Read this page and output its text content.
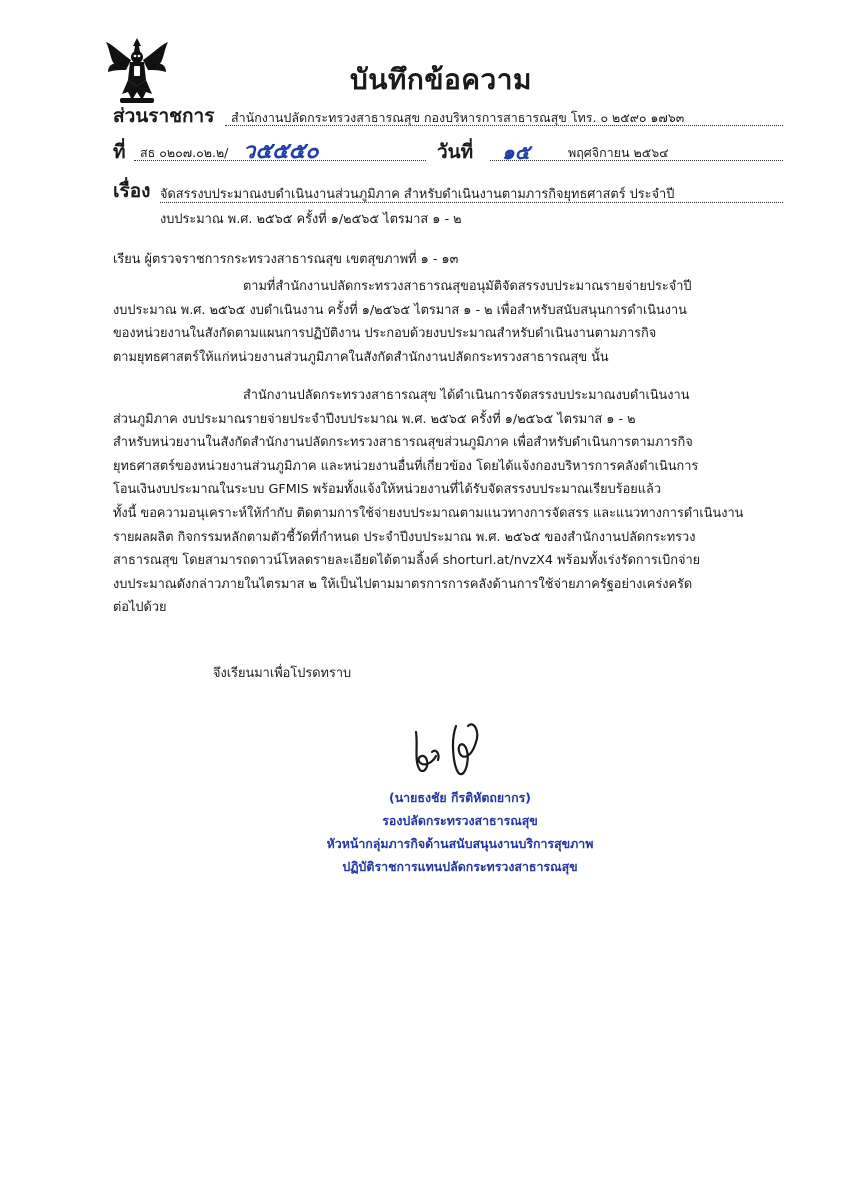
บันทึกข้อความ
ส่วนราชการ สำนักงานปลัดกระทรวงสาธารณสุข กองบริหารการสาธารณสุข โทร. ๐ ๒๕๙๐ ๑๗๖๓
ที่ สธ ๐๒๐๗.๐๒.๒/ ว๕๕๕๐	วันที่ ๑๕	พฤศจิกายน ๒๕๖๔
เรื่อง จัดสรรงบประมาณงบดำเนินงานส่วนภูมิภาค สำหรับดำเนินงานตามภารกิจยุทธศาสตร์ ประจำปี
งบประมาณ พ.ศ. ๒๕๖๕ ครั้งที่ ๑/๒๕๖๕ ไตรมาส ๑ - ๒
เรียน ผู้ตรวจราชการกระทรวงสาธารณสุข เขตสุขภาพที่ ๑ - ๑๓
ตามที่สำนักงานปลัดกระทรวงสาธารณสุขอนุมัติจัดสรรงบประมาณรายจ่ายประจำปี
งบประมาณ พ.ศ. ๒๕๖๕ งบดำเนินงาน ครั้งที่ ๑/๒๕๖๕ ไตรมาส ๑ - ๒ เพื่อสำหรับสนับสนุนการดำเนินงาน
ของหน่วยงานในสังกัดตามแผนการปฏิบัติงาน ประกอบด้วยงบประมาณสำหรับดำเนินงานตามภารกิจ
ตามยุทธศาสตร์ให้แก่หน่วยงานส่วนภูมิภาคในสังกัดสำนักงานปลัดกระทรวงสาธารณสุข นั้น
สำนักงานปลัดกระทรวงสาธารณสุข ได้ดำเนินการจัดสรรงบประมาณงบดำเนินงาน
ส่วนภูมิภาค งบประมาณรายจ่ายประจำปีงบประมาณ พ.ศ. ๒๕๖๕ ครั้งที่ ๑/๒๕๖๕ ไตรมาส ๑ - ๒
สำหรับหน่วยงานในสังกัดสำนักงานปลัดกระทรวงสาธารณสุขส่วนภูมิภาค เพื่อสำหรับดำเนินการตามภารกิจ
ยุทธศาสตร์ของหน่วยงานส่วนภูมิภาค และหน่วยงานอื่นที่เกี่ยวข้อง โดยได้แจ้งกองบริหารการคลังดำเนินการ
โอนเงินงบประมาณในระบบ GFMIS พร้อมทั้งแจ้งให้หน่วยงานที่ได้รับจัดสรรงบประมาณเรียบร้อยแล้ว
ทั้งนี้ ขอความอนุเคราะห์ให้กำกับ ติดตามการใช้จ่ายงบประมาณตามแนวทางการจัดสรร และแนวทางการดำเนินงาน
รายผลผลิต กิจกรรมหลักตามตัวชี้วัดที่กำหนด ประจำปีงบประมาณ พ.ศ. ๒๕๖๕ ของสำนักงานปลัดกระทรวง
สาธารณสุข โดยสามารถดาวน์โหลดรายละเอียดได้ตามลิ้งค์ shorturl.at/nvzX4 พร้อมทั้งเร่งรัดการเบิกจ่าย
งบประมาณดังกล่าวภายในไตรมาส ๒ ให้เป็นไปตามมาตรการการคลังด้านการใช้จ่ายภาครัฐอย่างเคร่งครัด
ต่อไปด้วย
จึงเรียนมาเพื่อโปรดทราบ
(นายธงชัย กีรติหัตถยากร)
รองปลัดกระทรวงสาธารณสุข
หัวหน้ากลุ่มภารกิจด้านสนับสนุนงานบริการสุขภาพ
ปฏิบัติราชการแทนปลัดกระทรวงสาธารณสุข
